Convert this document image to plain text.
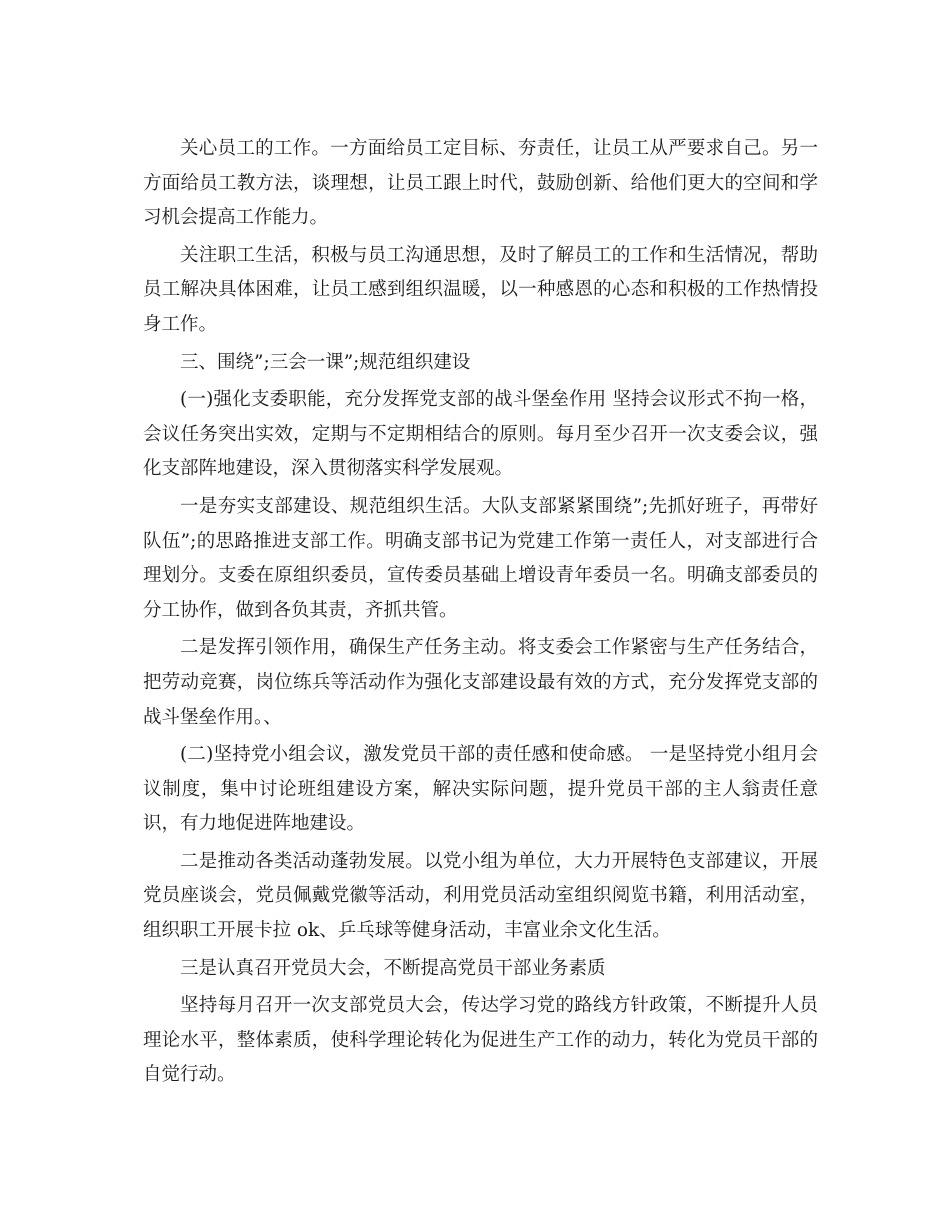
关心员工的工作。一方面给员工定目标、夯责任，让员工从严要求自己。另一方面给员工教方法，谈理想，让员工跟上时代，鼓励创新、给他们更大的空间和学习机会提高工作能力。

关注职工生活，积极与员工沟通思想，及时了解员工的工作和生活情况，帮助员工解决具体困难，让员工感到组织温暖，以一种感恩的心态和积极的工作热情投身工作。

三、围绕”;三会一课”;规范组织建设

(一)强化支委职能，充分发挥党支部的战斗堡垒作用 坚持会议形式不拘一格，会议任务突出实效，定期与不定期相结合的原则。每月至少召开一次支委会议，强化支部阵地建设，深入贯彻落实科学发展观。

一是夯实支部建设、规范组织生活。大队支部紧紧围绕”;先抓好班子，再带好队伍”;的思路推进支部工作。明确支部书记为党建工作第一责任人，对支部进行合理划分。支委在原组织委员，宣传委员基础上增设青年委员一名。明确支部委员的分工协作，做到各负其责，齐抓共管。

二是发挥引领作用，确保生产任务主动。将支委会工作紧密与生产任务结合，把劳动竞赛，岗位练兵等活动作为强化支部建设最有效的方式，充分发挥党支部的战斗堡垒作用。、

(二)坚持党小组会议，激发党员干部的责任感和使命感。 一是坚持党小组月会议制度，集中讨论班组建设方案，解决实际问题，提升党员干部的主人翁责任意识，有力地促进阵地建设。

二是推动各类活动蓬勃发展。以党小组为单位，大力开展特色支部建议，开展党员座谈会，党员佩戴党徽等活动，利用党员活动室组织阅览书籍，利用活动室，组织职工开展卡拉 ok、乒乓球等健身活动，丰富业余文化生活。

三是认真召开党员大会，不断提高党员干部业务素质

坚持每月召开一次支部党员大会，传达学习党的路线方针政策，不断提升人员理论水平，整体素质，使科学理论转化为促进生产工作的动力，转化为党员干部的自觉行动。
